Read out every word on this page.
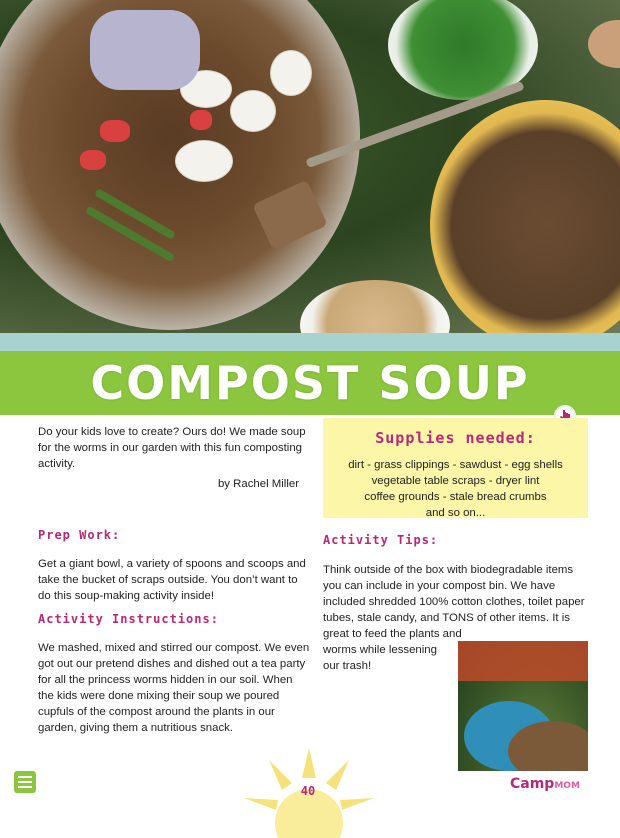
COMPOST SOUP
Do your kids love to create? Ours do! We made soup for the worms in our garden with this fun composting activity.
by Rachel Miller
Prep Work:
Get a giant bowl, a variety of spoons and scoops and take the bucket of scraps outside. You don’t want to do this soup-making activity inside!
Activity Instructions:
We mashed, mixed and stirred our compost. We even got out our pretend dishes and dished out a tea party for all the princess worms hidden in our soil. When the kids were done mixing their soup we poured cupfuls of the compost around the plants in our garden, giving them a nutritious snack.
Supplies needed:
dirt - grass clippings - sawdust - egg shells
vegetable table scraps - dryer lint
coffee grounds - stale bread crumbs
and so on...
Activity Tips:
Think outside of the box with biodegradable items you can include in your compost bin. We have included shredded 100% cotton clothes, toilet paper tubes, stale candy, and TONS of other items. It is great to feed the plants and
worms while lessening our trash!
40	CampMOM
